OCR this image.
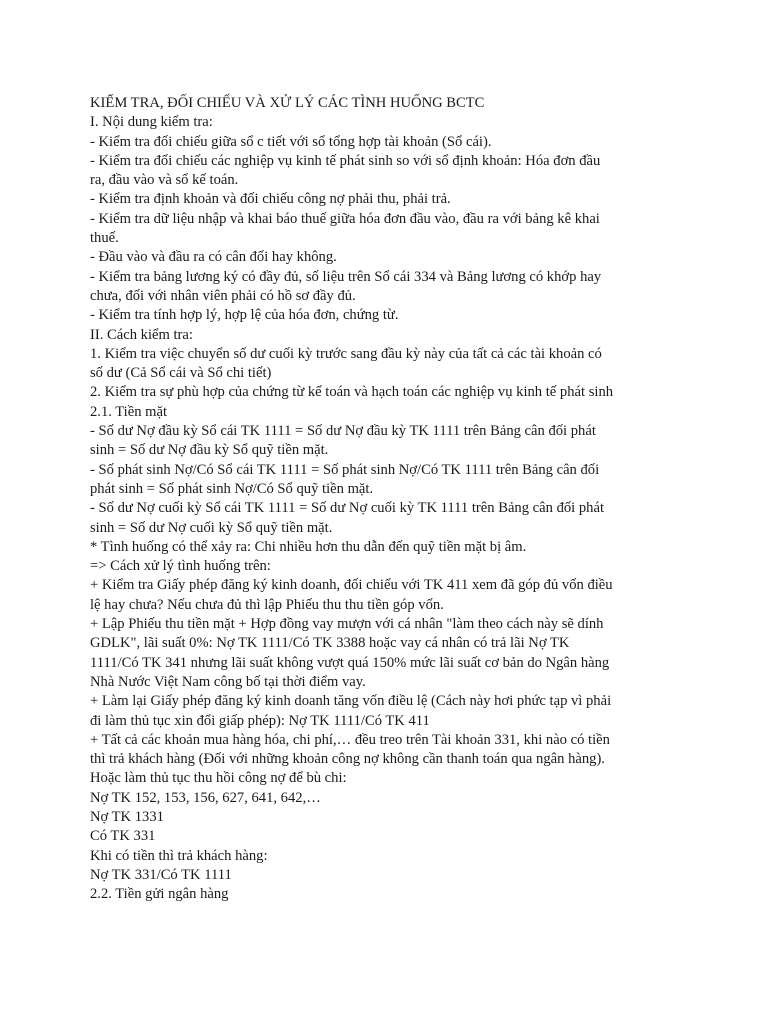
KIỂM TRA, ĐỐI CHIẾU VÀ XỬ LÝ CÁC TÌNH HUỐNG BCTC
I. Nội dung kiểm tra:
- Kiểm tra đối chiếu giữa sổ c tiết với sổ tổng hợp tài khoản (Sổ cái).
- Kiểm tra đối chiếu các nghiệp vụ kinh tế phát sinh so với sổ định khoản: Hóa đơn đầu
ra, đầu vào và sổ kế toán.
- Kiểm tra định khoản và đối chiếu công nợ phải thu, phải trả.
- Kiểm tra dữ liệu nhập và khai báo thuế giữa hóa đơn đầu vào, đầu ra với bảng kê khai
thuế.
- Đầu vào và đầu ra có cân đối hay không.
- Kiểm tra bảng lương ký có đầy đủ, số liệu trên Sổ cái 334 và Bảng lương có khớp hay
chưa, đối với nhân viên phải có hồ sơ đầy đủ.
- Kiểm tra tính hợp lý, hợp lệ của hóa đơn, chứng từ.
II. Cách kiểm tra:
1. Kiểm tra việc chuyển số dư cuối kỳ trước sang đầu kỳ này của tất cả các tài khoản có
số dư (Cả Sổ cái và Sổ chi tiết)
2. Kiểm tra sự phù hợp của chứng từ kế toán và hạch toán các nghiệp vụ kinh tế phát sinh
2.1. Tiền mặt
- Số dư Nợ đầu kỳ Sổ cái TK 1111 = Số dư Nợ đầu kỳ TK 1111 trên Bảng cân đối phát
sinh = Số dư Nợ đầu kỳ Sổ quỹ tiền mặt.
- Số phát sinh Nợ/Có Sổ cái TK 1111 = Số phát sinh Nợ/Có TK 1111 trên Bảng cân đối
phát sinh = Số phát sinh Nợ/Có Sổ quỹ tiền mặt.
- Số dư Nợ cuối kỳ Sổ cái TK 1111 = Số dư Nợ cuối kỳ TK 1111 trên Bảng cân đối phát
sinh = Số dư Nợ cuối kỳ Sổ quỹ tiền mặt.
* Tình huống có thể xảy ra: Chi nhiều hơn thu dẫn đến quỹ tiền mặt bị âm.
=> Cách xử lý tình huống trên:
+ Kiểm tra Giấy phép đăng ký kinh doanh, đối chiếu với TK 411 xem đã góp đủ vốn điều
lệ hay chưa? Nếu chưa đủ thì lập Phiếu thu thu tiền góp vốn.
+ Lập Phiếu thu tiền mặt + Hợp đồng vay mượn với cá nhân "làm theo cách này sẽ dính
GDLK", lãi suất 0%: Nợ TK 1111/Có TK 3388 hoặc vay cá nhân có trả lãi Nợ TK
1111/Có TK 341 nhưng lãi suất không vượt quá 150% mức lãi suất cơ bản do Ngân hàng
Nhà Nước Việt Nam công bố tại thời điểm vay.
+ Làm lại Giấy phép đăng ký kinh doanh tăng vốn điều lệ (Cách này hơi phức tạp vì phải
đi làm thủ tục xin đổi giấp phép): Nợ TK 1111/Có TK 411
+ Tất cả các khoản mua hàng hóa, chi phí,… đều treo trên Tài khoản 331, khi nào có tiền
thì trả khách hàng (Đối với những khoản công nợ không cần thanh toán qua ngân hàng).
Hoặc làm thủ tục thu hồi công nợ để bù chi:
Nợ TK 152, 153, 156, 627, 641, 642,…
Nợ TK 1331
Có TK 331
Khi có tiền thì trả khách hàng:
Nợ TK 331/Có TK 1111
2.2. Tiền gửi ngân hàng
